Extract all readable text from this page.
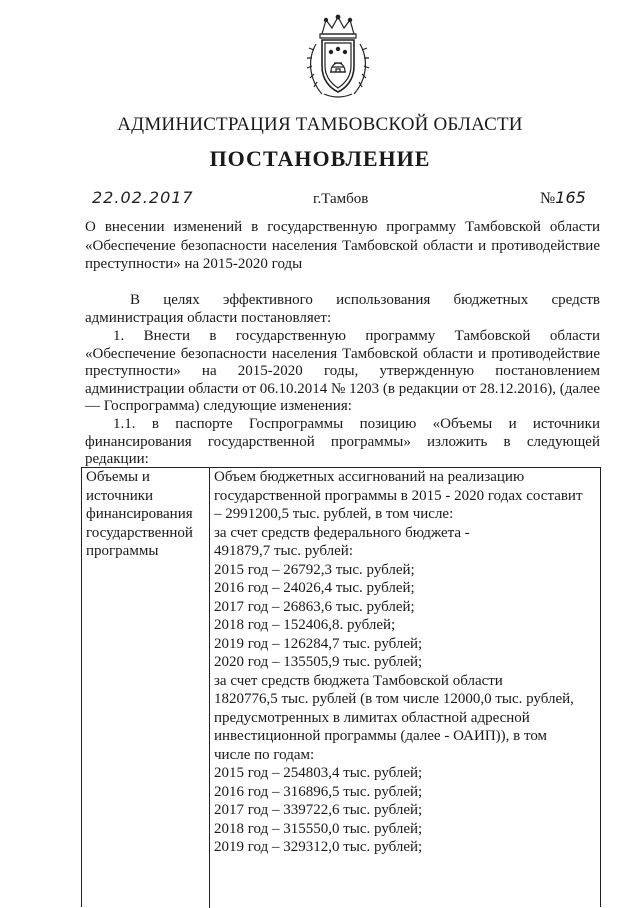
АДМИНИСТРАЦИЯ ТАМБОВСКОЙ ОБЛАСТИ
ПОСТАНОВЛЕНИЕ
22.02.2017	г.Тамбов	№165
О внесении изменений в государственную программу Тамбовской области «Обеспечение безопасности населения Тамбовской области и противодействие преступности» на 2015-2020 годы
В целях эффективного использования бюджетных средств администрация области постановляет:
1. Внести в государственную программу Тамбовской области «Обеспечение безопасности населения Тамбовской области и противодействие преступности» на 2015-2020 годы, утвержденную постановлением администрации области от 06.10.2014 № 1203 (в редакции от 28.12.2016), (далее — Госпрограмма) следующие изменения:
1.1. в паспорте Госпрограммы позицию «Объемы и источники финансирования государственной программы» изложить в следующей редакции:
Объемы и
источники
финансирования
государственной
программы
Объем бюджетных ассигнований на реализацию
государственной программы в 2015 - 2020 годах составит
– 2991200,5 тыс. рублей, в том числе:
за счет средств федерального бюджета -
491879,7 тыс. рублей:
2015 год – 26792,3 тыс. рублей;
2016 год – 24026,4 тыс. рублей;
2017 год – 26863,6 тыс. рублей;
2018 год – 152406,8. рублей;
2019 год – 126284,7 тыс. рублей;
2020 год – 135505,9 тыс. рублей;
за счет средств бюджета Тамбовской области
1820776,5 тыс. рублей (в том числе 12000,0 тыс. рублей,
предусмотренных в лимитах областной адресной
инвестиционной программы (далее - ОАИП)), в том
числе по годам:
2015 год – 254803,4 тыс. рублей;
2016 год – 316896,5 тыс. рублей;
2017 год – 339722,6 тыс. рублей;
2018 год – 315550,0 тыс. рублей;
2019 год – 329312,0 тыс. рублей;
